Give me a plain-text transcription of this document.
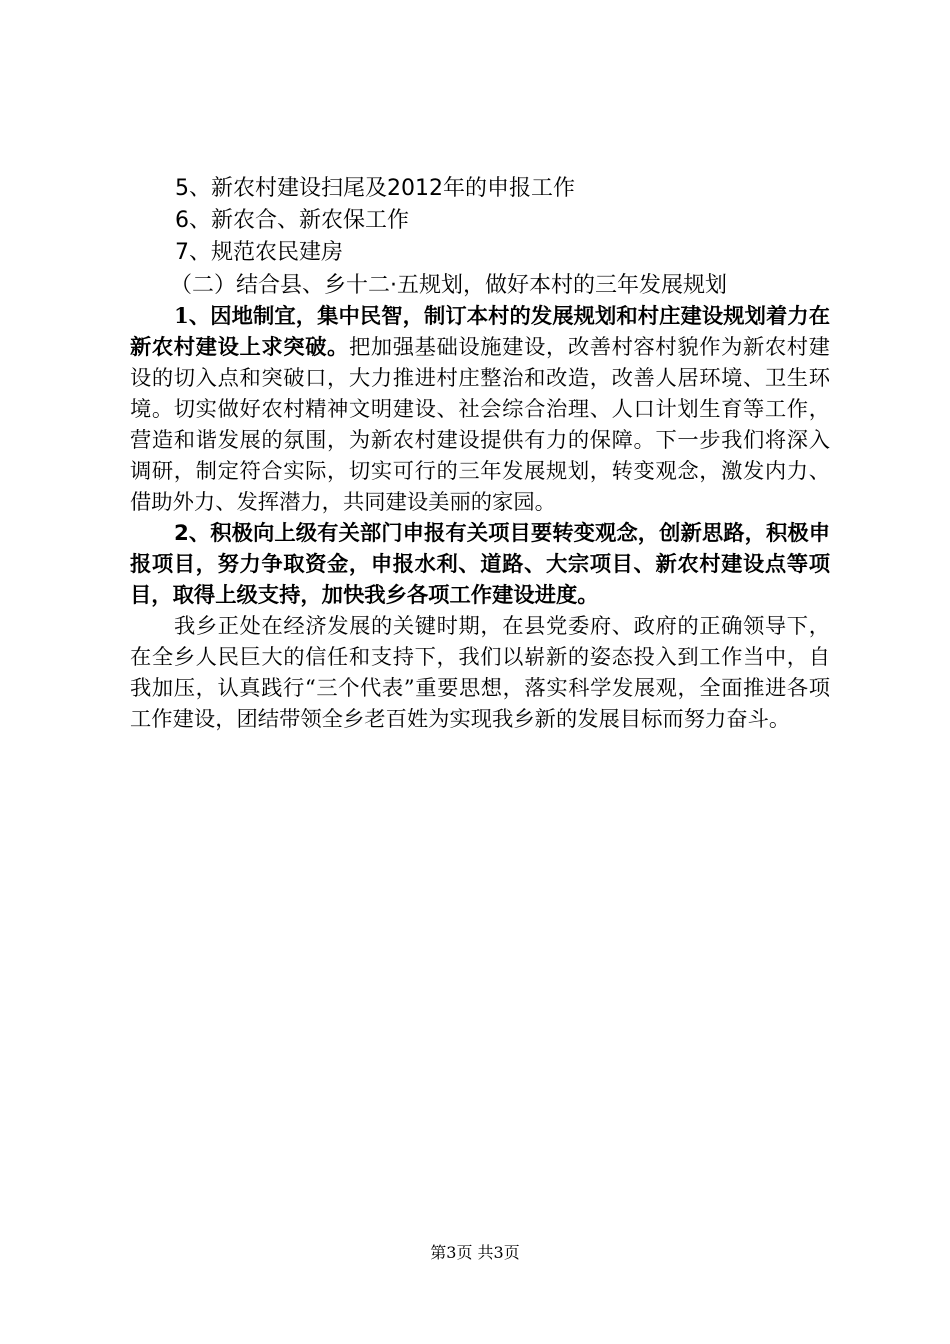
5、新农村建设扫尾及2012年的申报工作
6、新农合、新农保工作
7、规范农民建房

（二）结合县、乡十二·五规划，做好本村的三年发展规划

1、因地制宜，集中民智，制订本村的发展规划和村庄建设规划着力在新农村建设上求突破。把加强基础设施建设，改善村容村貌作为新农村建设的切入点和突破口，大力推进村庄整治和改造，改善人居环境、卫生环境。切实做好农村精神文明建设、社会综合治理、人口计划生育等工作，营造和谐发展的氛围，为新农村建设提供有力的保障。下一步我们将深入调研，制定符合实际，切实可行的三年发展规划，转变观念，激发内力、借助外力、发挥潜力，共同建设美丽的家园。

2、积极向上级有关部门申报有关项目要转变观念，创新思路，积极申报项目，努力争取资金，申报水利、道路、大宗项目、新农村建设点等项目，取得上级支持，加快我乡各项工作建设进度。

我乡正处在经济发展的关键时期，在县党委府、政府的正确领导下，在全乡人民巨大的信任和支持下，我们以崭新的姿态投入到工作当中，自我加压，认真践行“三个代表”重要思想，落实科学发展观，全面推进各项工作建设，团结带领全乡老百姓为实现我乡新的发展目标而努力奋斗。

第3页 共3页
